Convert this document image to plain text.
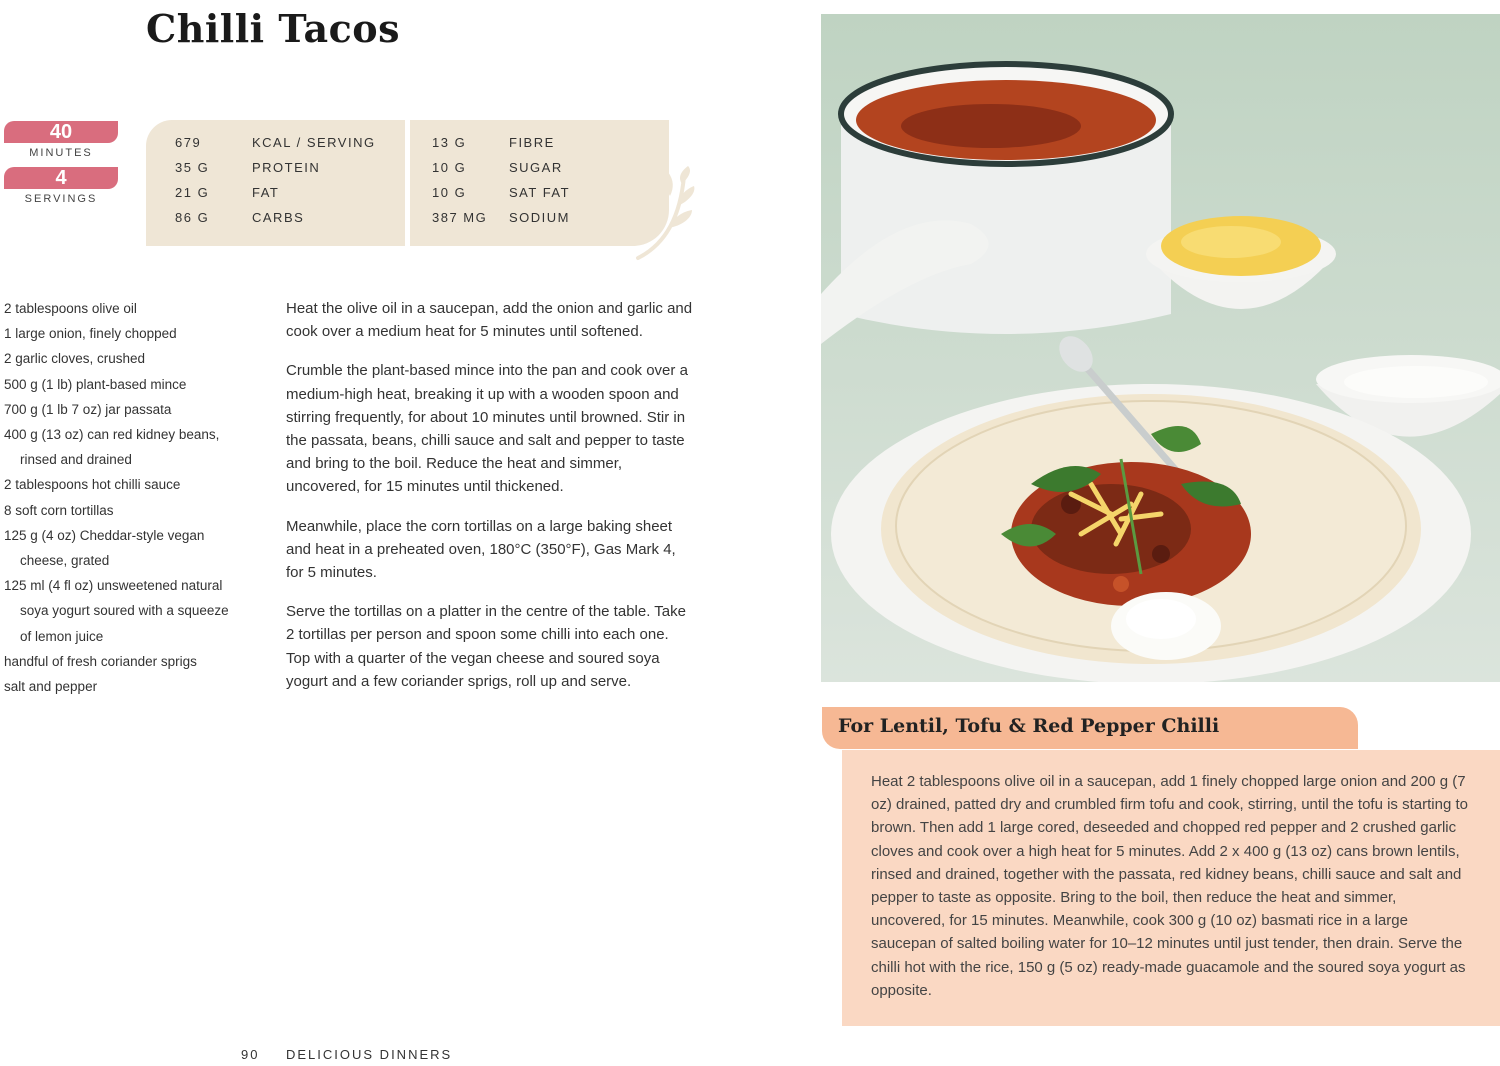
Chilli Tacos
40
MINUTES
4
SERVINGS
679	KCAL / SERVING
35 G	PROTEIN
21 G	FAT
86 G	CARBS
13 G	FIBRE
10 G	SUGAR
10 G	SAT FAT
387 MG SODIUM
2 tablespoons olive oil
1 large onion, finely chopped
2 garlic cloves, crushed
500 g (1 lb) plant-based mince
700 g (1 lb 7 oz) jar passata
400 g (13 oz) can red kidney beans,
rinsed and drained
2 tablespoons hot chilli sauce
8 soft corn tortillas
125 g (4 oz) Cheddar-style vegan
cheese, grated
125 ml (4 fl oz) unsweetened natural
soya yogurt soured with a squeeze
of lemon juice
handful of fresh coriander sprigs
salt and pepper

Heat the olive oil in a saucepan, add the onion and garlic and cook over a medium heat for 5 minutes until softened.

Crumble the plant-based mince into the pan and cook over a medium-high heat, breaking it up with a wooden spoon and stirring frequently, for about 10 minutes until browned. Stir in the passata, beans, chilli sauce and salt and pepper to taste and bring to the boil. Reduce the heat and simmer, uncovered, for 15 minutes until thickened.

Meanwhile, place the corn tortillas on a large baking sheet and heat in a preheated oven, 180°C (350°F), Gas Mark 4, for 5 minutes.

Serve the tortillas on a platter in the centre of the table. Take 2 tortillas per person and spoon some chilli into each one. Top with a quarter of the vegan cheese and soured soya yogurt and a few coriander sprigs, roll up and serve.

For Lentil, Tofu & Red Pepper Chilli

Heat 2 tablespoons olive oil in a saucepan, add 1 finely chopped large onion and 200 g (7 oz) drained, patted dry and crumbled firm tofu and cook, stirring, until the tofu is starting to brown. Then add 1 large cored, deseeded and chopped red pepper and 2 crushed garlic cloves and cook over a high heat for 5 minutes. Add 2 x 400 g (13 oz) cans brown lentils, rinsed and drained, together with the passata, red kidney beans, chilli sauce and salt and pepper to taste as opposite. Bring to the boil, then reduce the heat and simmer, uncovered, for 15 minutes. Meanwhile, cook 300 g (10 oz) basmati rice in a large saucepan of salted boiling water for 10–12 minutes until just tender, then drain. Serve the chilli hot with the rice, 150 g (5 oz) ready-made guacamole and the soured soya yogurt as opposite.

90 DELICIOUS DINNERS
